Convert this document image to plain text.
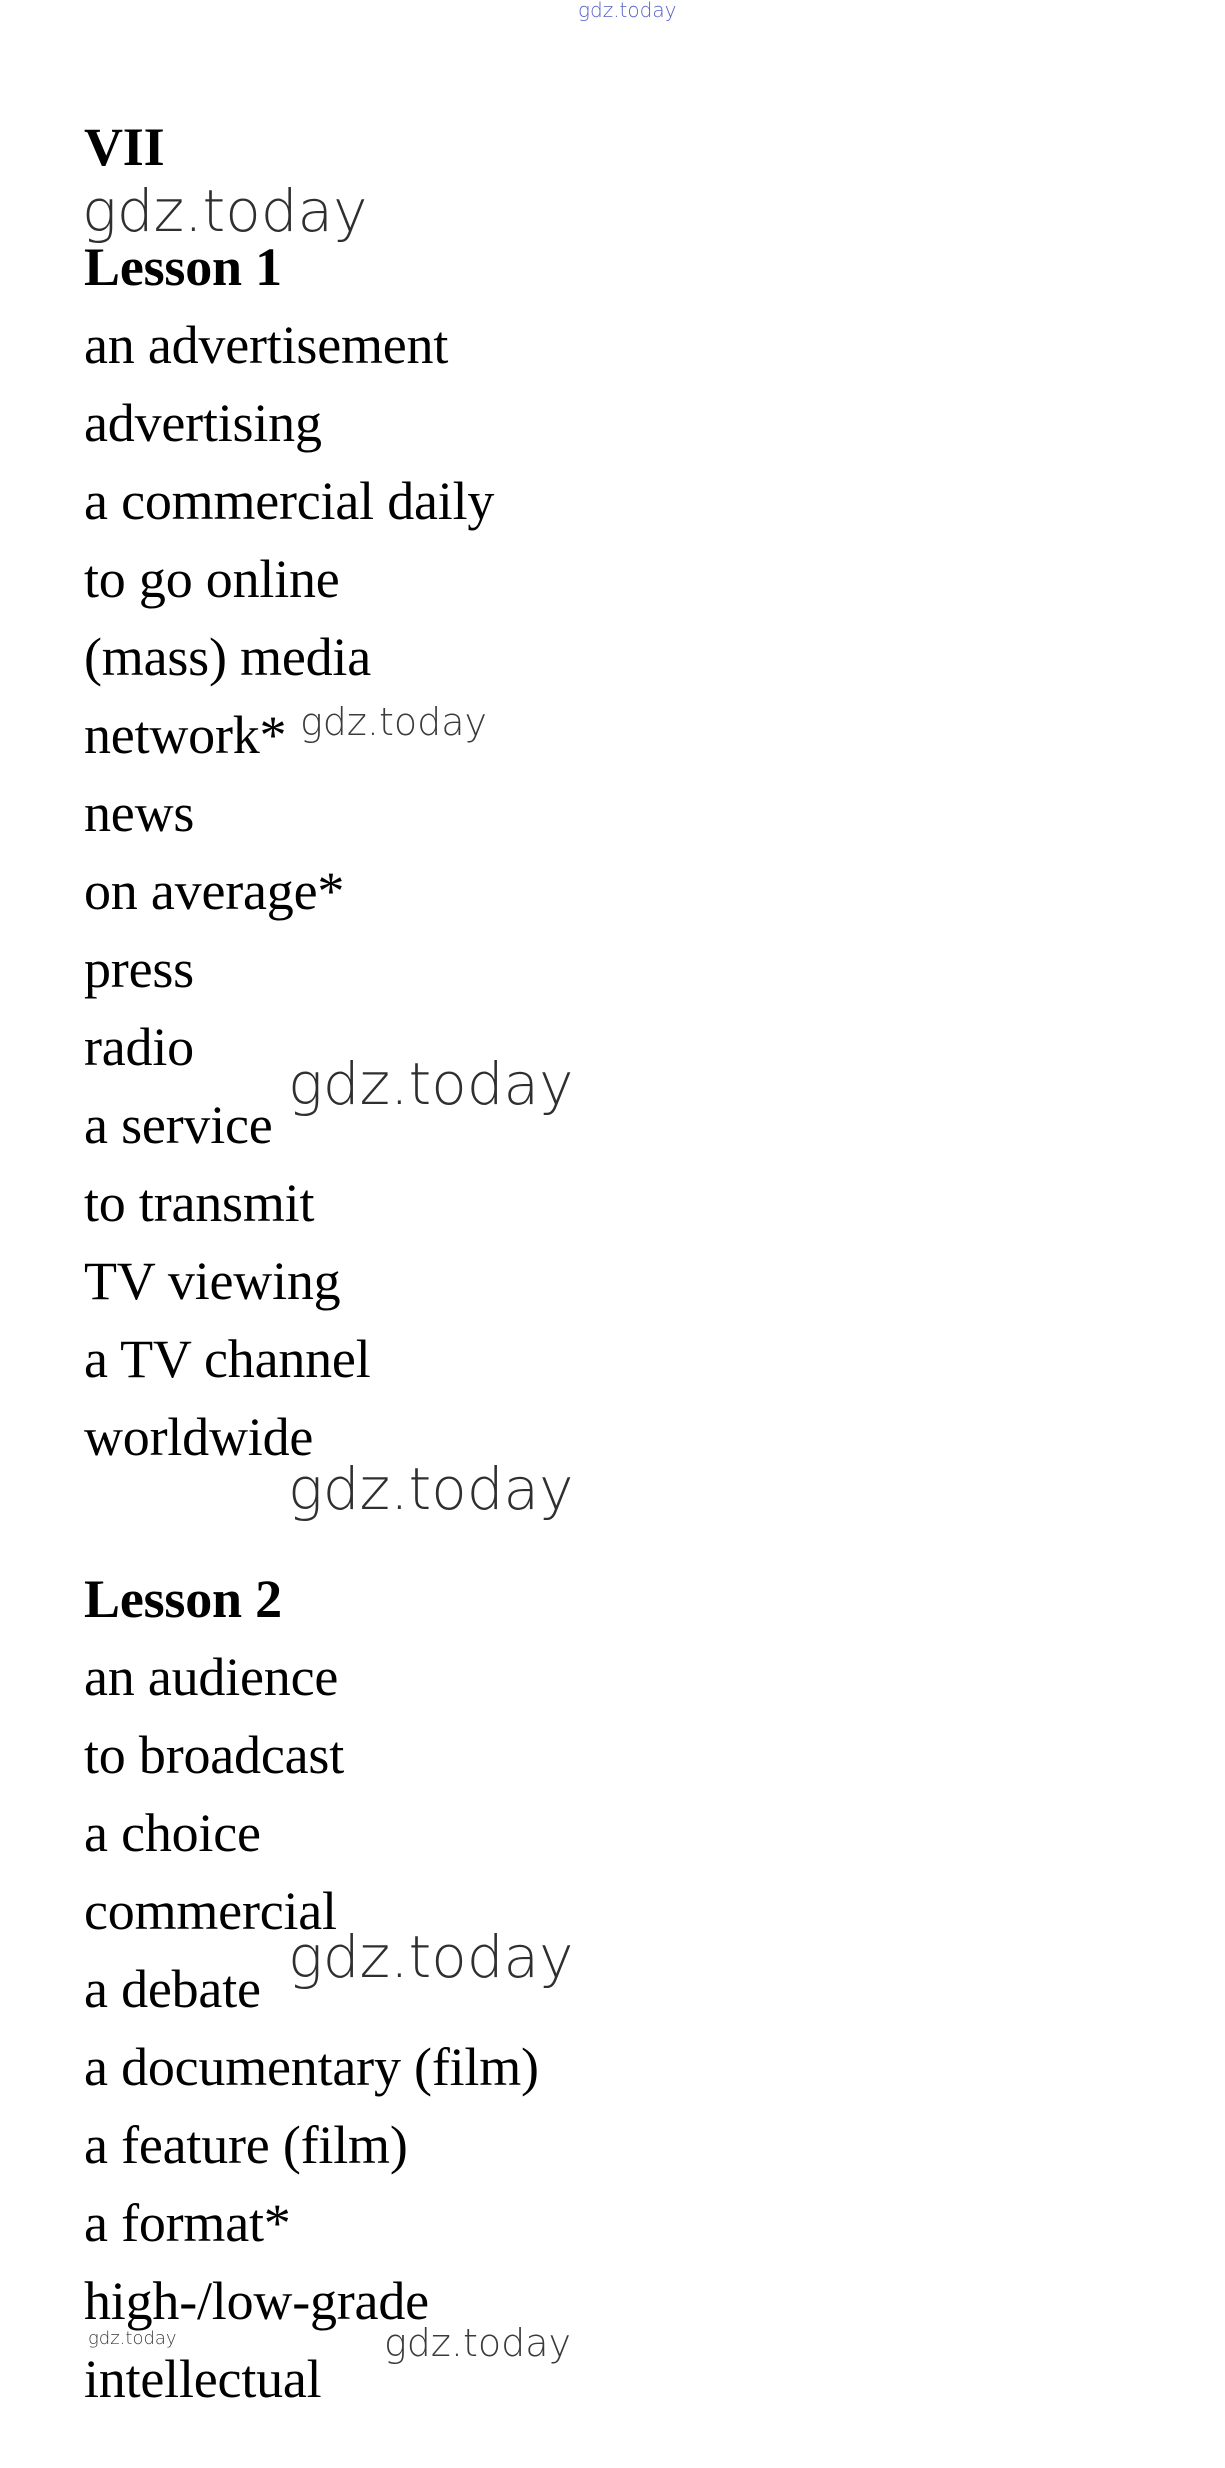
gdz.today
VII
gdz.today
Lesson 1
an advertisement
advertising
a commercial daily
to go online
(mass) media
network* gdz.today
news
on average*
press
radio
gdz.today
a service
to transmit
TV viewing
a TV channel
worldwide
gdz.today
Lesson 2
an audience
to broadcast
a choice
commercial
gdz.today
a debate
a documentary (film)
a feature (film)
a format*
high-/low-grade
gdz.today	gdz.today
intellectual
